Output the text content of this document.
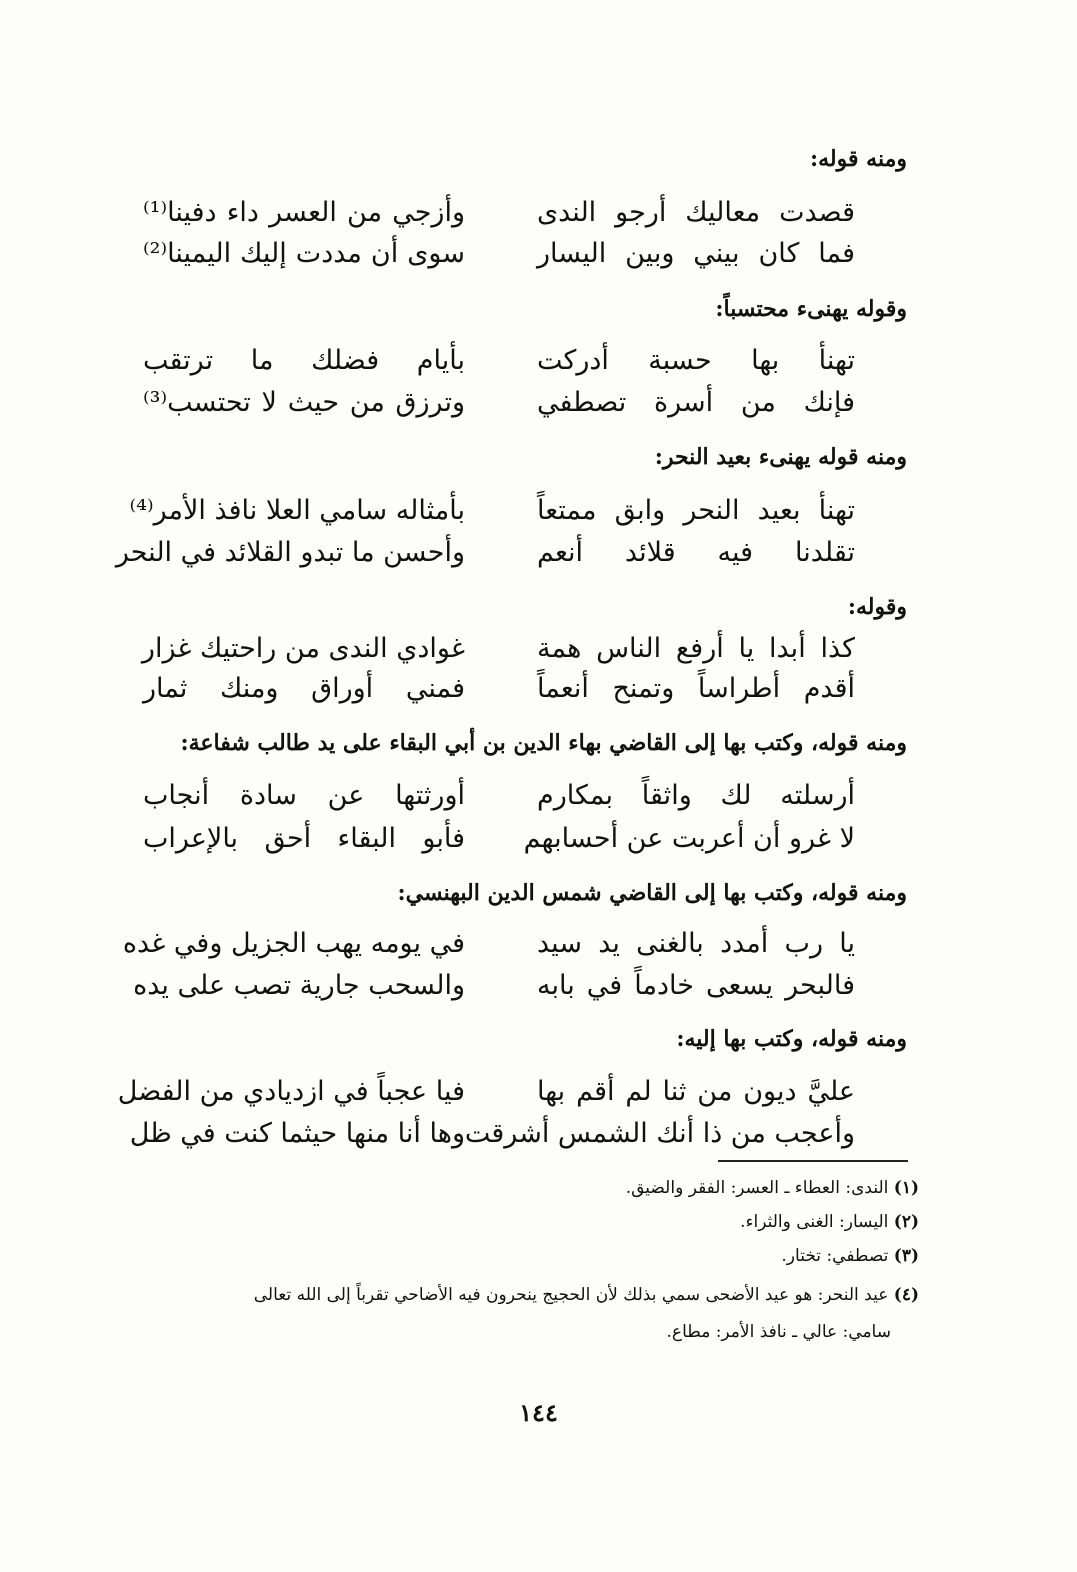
ومنه قوله:
قصدت معاليك أرجو الندى
وأزجي من العسر داء دفينا⁽¹⁾
فما كان بيني وبين اليسار
سوى أن مددت إليك اليمينا⁽²⁾
وقوله يهنىء محتسباً:
تهنأ بها حسبة أدركت
بأيام فضلك ما ترتقب
فإنك من أسرة تصطفي
وترزق من حيث لا تحتسب⁽³⁾
ومنه قوله يهنىء بعيد النحر:
تهنأ بعيد النحر وابق ممتعاً
بأمثاله سامي العلا نافذ الأمر⁽⁴⁾
تقلدنا فيه قلائد أنعم
وأحسن ما تبدو القلائد في النحر
وقوله:
كذا أبدا يا أرفع الناس همة
غوادي الندى من راحتيك غزار
أقدم أطراساً وتمنح أنعماً
فمني أوراق ومنك ثمار
ومنه قوله، وكتب بها إلى القاضي بهاء الدين بن أبي البقاء على يد طالب شفاعة:
أرسلته لك واثقاً بمكارم
أورثتها عن سادة أنجاب
لا غرو أن أعربت عن أحسابهم
فأبو البقاء أحق بالإعراب
ومنه قوله، وكتب بها إلى القاضي شمس الدين البهنسي:
يا رب أمدد بالغنى يد سيد
في يومه يهب الجزيل وفي غده
فالبحر يسعى خادماً في بابه
والسحب جارية تصب على يده
ومنه قوله، وكتب بها إليه:
عليَّ ديون من ثنا لم أقم بها
فيا عجباً في ازديادي من الفضل
وأعجب من ذا أنك الشمس أشرقت
وها أنا منها حيثما كنت في ظل
(١) الندى: العطاء ـ العسر: الفقر والضيق.
(٢) اليسار: الغنى والثراء.
(٣) تصطفي: تختار.
(٤) عيد النحر: هو عيد الأضحى سمي بذلك لأن الحجيج ينحرون فيه الأضاحي تقرباً إلى الله تعالى
سامي: عالي ـ نافذ الأمر: مطاع.
١٤٤
